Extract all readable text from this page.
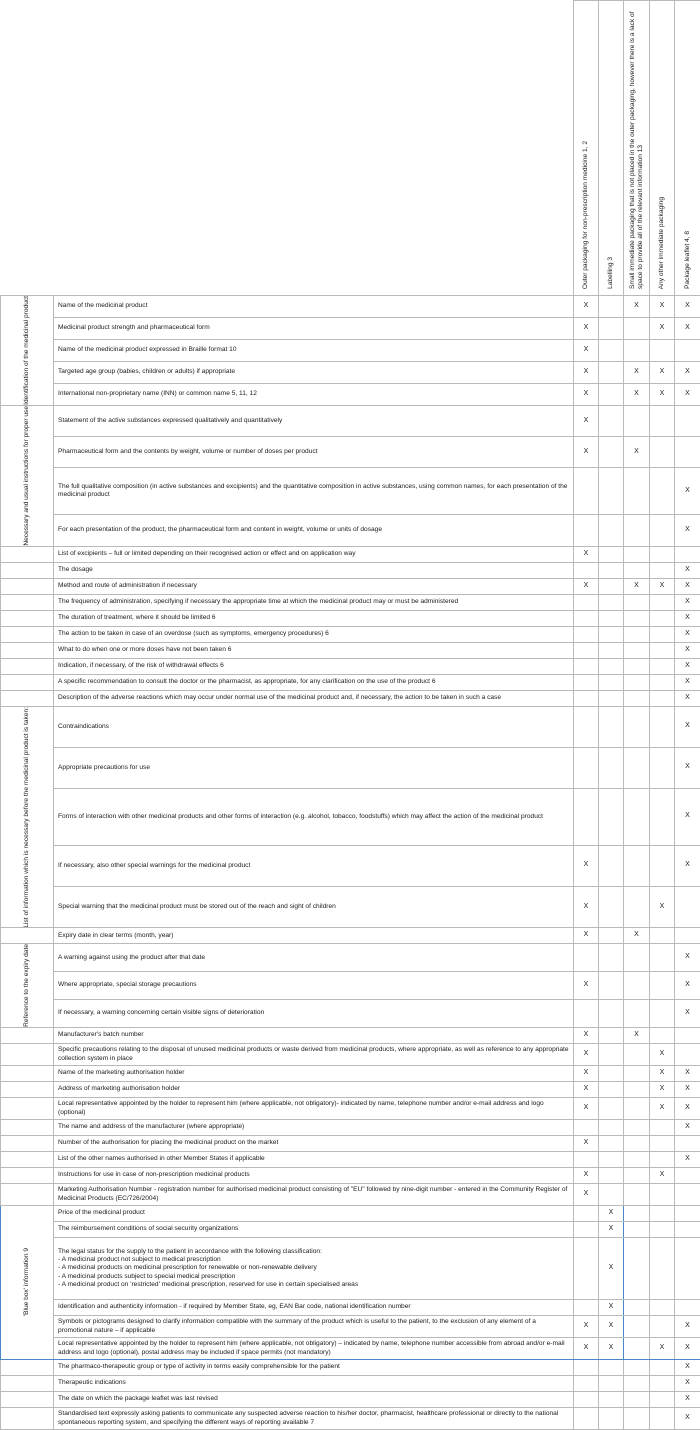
		Outer packaging for non-prescription medicine 1, 2	Labelling 3	Small immediate packaging that is not placed in the outer packaging, however there is a lack of space to provide all of the relevant information 13	Any other immediate packaging	Package leaflet 4, 8

Identification of the medicinal product	Name of the medicinal product	X		X	X	X
	Medicinal product strength and pharmaceutical form	X			X	X
	Name of the medicinal product expressed in Braille format 10	X				
	Targeted age group (babies, children or adults) if appropriate	X		X	X	X
	International non-proprietary name (INN) or common name 5, 11, 12	X		X	X	X

Necessary and usual instructions for proper use	Statement of the active substances expressed qualitatively and quantitatively	X				
	Pharmaceutical form and the contents by weight, volume or number of doses per product	X		X		
	The full qualitative composition (in active substances and excipients) and the quantitative composition in active substances, using common names, for each presentation of the medicinal product					X
	For each presentation of the product, the pharmaceutical form and content in weight, volume or units of dosage					X
	List of excipients – full or limited depending on their recognised action or effect and on application way	X				
	The dosage					X
	Method and route of administration if necessary	X		X	X	X
	The frequency of administration, specifying if necessary the appropriate time at which the medicinal product may or must be administered					X
	The duration of treatment, where it should be limited 6					X
	The action to be taken in case of an overdose (such as symptoms, emergency procedures) 6					X
	What to do when one or more doses have not been taken 6					X
	Indication, if necessary, of the risk of withdrawal effects 6					X
	A specific recommendation to consult the doctor or the pharmacist, as appropriate, for any clarification on the use of the product 6					X
	Description of the adverse reactions which may occur under normal use of the medicinal product and, if necessary, the action to be taken in such a case					X

List of information which is necessary before the medicinal product is taken:	Contraindications					X
	Appropriate precautions for use					X
	Forms of interaction with other medicinal products and other forms of interaction (e.g. alcohol, tobacco, foodstuffs) which may affect the action of the medicinal product					X
	If necessary, also other special warnings for the medicinal product	X				X
	Special warning that the medicinal product must be stored out of the reach and sight of children	X			X	
	Expiry date in clear terms (month, year)	X		X		

Reference to the expiry date	A warning against using the product after that date					X
	Where appropriate, special storage precautions	X				X
	If necessary, a warning concerning certain visible signs of deterioration					X
	Manufacturer's batch number	X		X		
	Specific precautions relating to the disposal of unused medicinal products or waste derived from medicinal products, where appropriate, as well as reference to any appropriate collection system in place	X			X	
	Name of the marketing authorisation holder	X			X	X
	Address of marketing authorisation holder	X			X	X
	Local representative appointed by the holder to represent him (where applicable, not obligatory)- indicated by name, telephone number and/or e-mail address and logo (optional)	X			X	X
	The name and address of the manufacturer (where appropriate)					X
	Number of the authorisation for placing the medicinal product on the market	X				
	List of the other names authorised in other Member States if applicable					X
	Instructions for use in case of non-prescription medicinal products	X			X	
	Marketing Authorisation Number - registration number for authorised medicinal product consisting of "EU" followed by nine-digit number - entered in the Community Register of Medicinal Products (EC/726/2004)	X				

'Blue box' information 9	Price of the medicinal product		X			
	The reimbursement conditions of social security organizations		X			
	The legal status for the supply to the patient in accordance with the following classification:
- A medicinal product not subject to medical prescription
- A medicinal products on medicinal prescription for renewable or non-renewable delivery
- A medicinal products subject to special medical prescription
- A medicinal product on 'restricted' medicinal prescription, reserved for use in certain specialised areas		X			
	Identification and authenticity information - if required by Member State, eg, EAN Bar code, national identification number		X			
	Symbols or pictograms designed to clarify information compatible with the summary of the product which is useful to the patient, to the exclusion of any element of a promotional nature – if applicable	X	X			X
	Local representative appointed by the holder to represent him (where applicable, not obligatory) – indicated by name, telephone number accessible from abroad and/or e-mail address and logo (optional), postal address may be included if space permits (not mandatory)	X	X		X	X
	The pharmaco-therapeutic group or type of activity in terms easily comprehensible for the patient					X
	Therapeutic indications					X
	The date on which the package leaflet was last revised					X
	Standardised text expressly asking patients to communicate any suspected adverse reaction to his/her doctor, pharmacist, healthcare professional or directly to the national spontaneous reporting system, and specifying the different ways of reporting available 7					X
